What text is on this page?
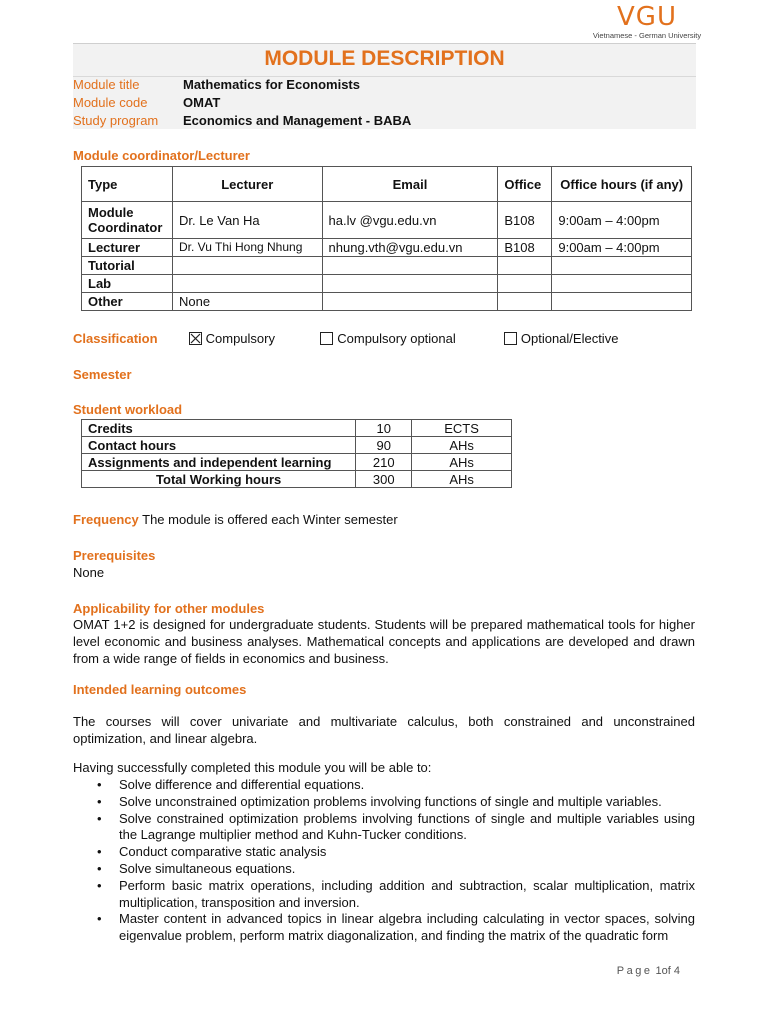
VGU
Vietnamese - German University
MODULE DESCRIPTION
Module title	Mathematics for Economists
Module code	OMAT
Study program Economics and Management - BABA
Module coordinator/Lecturer
Type	Lecturer	Email	Office	Office hours (if any)
Module Coordinator	Dr. Le Van Ha	ha.lv @vgu.edu.vn	B108	9:00am – 4:00pm
Lecturer	Dr. Vu Thi Hong Nhung	nhung.vth@vgu.edu.vn	B108	9:00am – 4:00pm
Tutorial				
Lab				
Other	None			
Classification	Compulsory	Compulsory optional	Optional/Elective
Semester
Student workload
Credits	10	ECTS
Contact hours	90	AHs
Assignments and independent learning	210	AHs
Total Working hours	300	AHs
Frequency The module is offered each Winter semester
Prerequisites
None
Applicability for other modules
OMAT 1+2 is designed for undergraduate students. Students will be prepared mathematical tools for higher level economic and business analyses. Mathematical concepts and applications are developed and drawn from a wide range of fields in economics and business.
Intended learning outcomes
The courses will cover univariate and multivariate calculus, both constrained and unconstrained optimization, and linear algebra.
Having successfully completed this module you will be able to:
• Solve difference and differential equations.
• Solve unconstrained optimization problems involving functions of single and multiple variables.
• Solve constrained optimization problems involving functions of single and multiple variables using the Lagrange multiplier method and Kuhn-Tucker conditions.
• Conduct comparative static analysis
• Solve simultaneous equations.
• Perform basic matrix operations, including addition and subtraction, scalar multiplication, matrix multiplication, transposition and inversion.
• Master content in advanced topics in linear algebra including calculating in vector spaces, solving eigenvalue problem, perform matrix diagonalization, and finding the matrix of the quadratic form
Page 1of 4
